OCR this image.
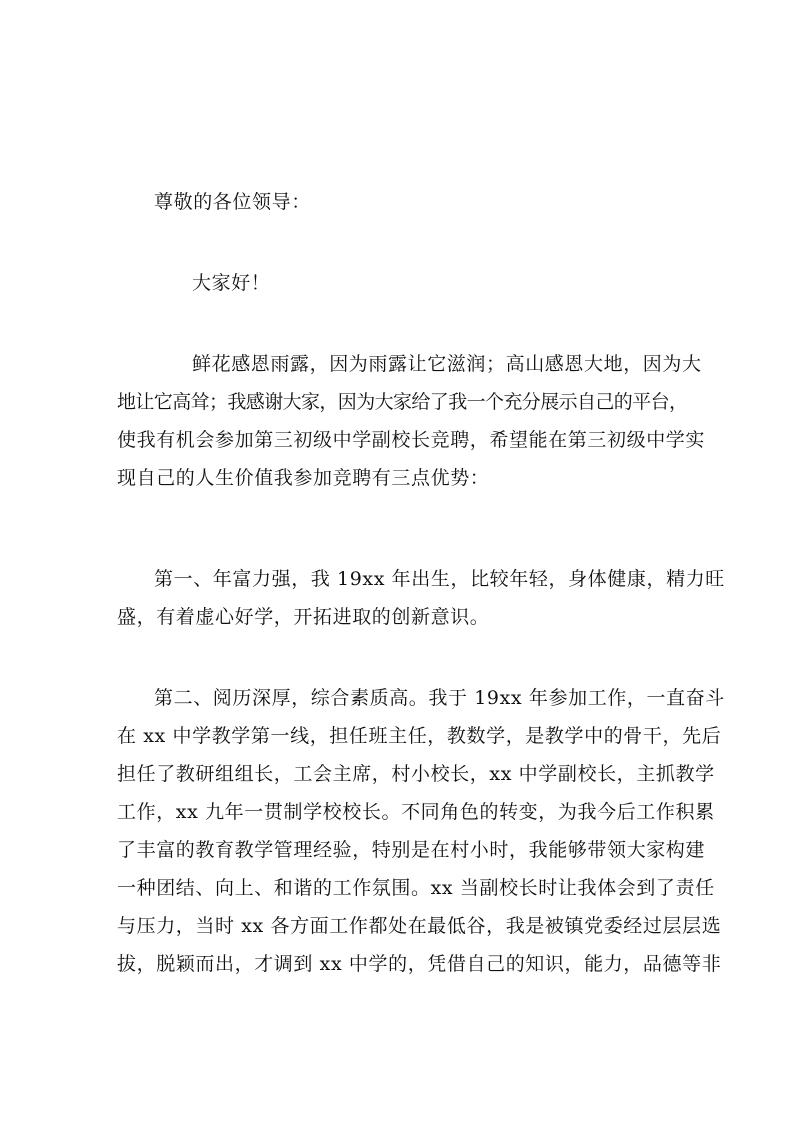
尊敬的各位领导：
大家好！
鲜花感恩雨露，因为雨露让它滋润；高山感恩大地，因为大
地让它高耸；我感谢大家，因为大家给了我一个充分展示自己的平台，
使我有机会参加第三初级中学副校长竞聘，希望能在第三初级中学实
现自己的人生价值我参加竞聘有三点优势：
第一、年富力强，我 19xx 年出生，比较年轻，身体健康，精力旺
盛，有着虚心好学，开拓进取的创新意识。
第二、阅历深厚，综合素质高。我于 19xx 年参加工作，一直奋斗
在 xx 中学教学第一线，担任班主任，教数学，是教学中的骨干，先后
担任了教研组组长，工会主席，村小校长，xx 中学副校长，主抓教学
工作，xx 九年一贯制学校校长。不同角色的转变，为我今后工作积累
了丰富的教育教学管理经验，特别是在村小时，我能够带领大家构建
一种团结、向上、和谐的工作氛围。xx 当副校长时让我体会到了责任
与压力，当时 xx 各方面工作都处在最低谷，我是被镇党委经过层层选
拔，脱颖而出，才调到 xx 中学的，凭借自己的知识，能力，品德等非
